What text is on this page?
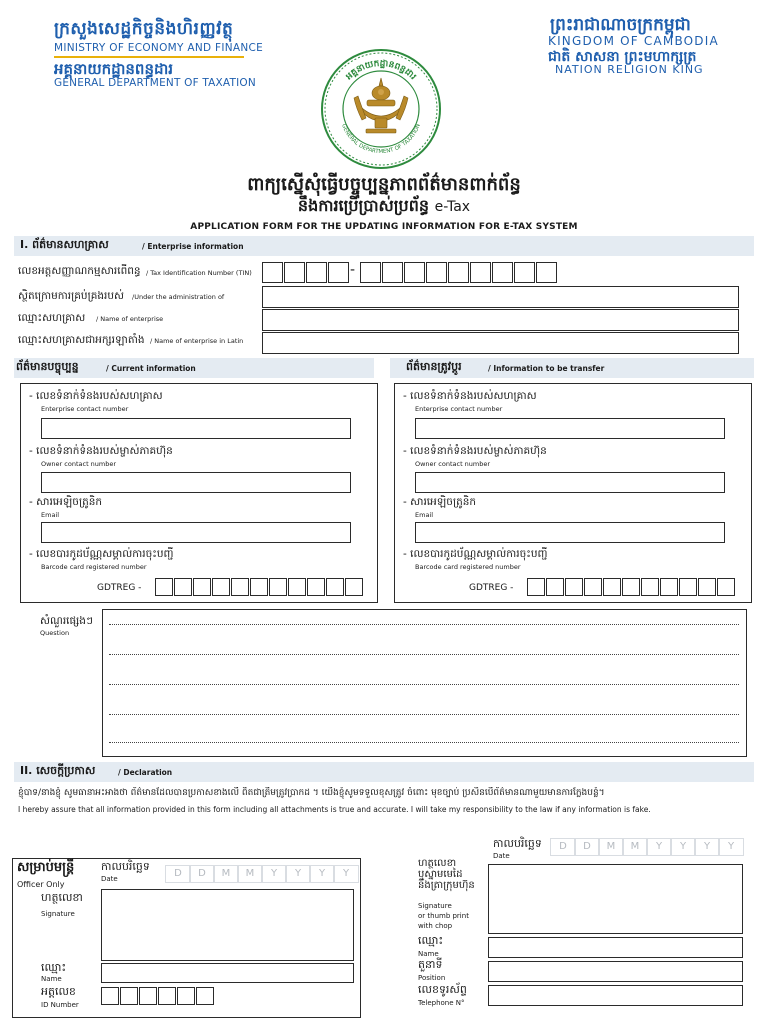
ក្រសួងសេដ្ឋកិច្ចនិងហិរញ្ញវត្ថុ
MINISTRY OF ECONOMY AND FINANCE
អគ្គនាយកដ្ឋានពន្ធដារ
GENERAL DEPARTMENT OF TAXATION
ព្រះរាជាណាចក្រកម្ពុជា
KINGDOM OF CAMBODIA
ជាតិ សាសនា ព្រះមហាក្សត្រ
NATION RELIGION KING
អគ្គនាយកដ្ឋានពន្ធដារ
GENERAL DEPARTMENT OF TAXATION
ពាក្យស្នើសុំធ្វើបច្ចុប្បន្នភាពព័ត៌មានពាក់ព័ន្ធ
នឹងការប្រើប្រាស់ប្រព័ន្ធ e-Tax
APPLICATION FORM FOR THE UPDATING INFORMATION FOR E-TAX SYSTEM
I. ព័ត៌មានសហគ្រាស	/ Enterprise information
លេខអត្តសញ្ញាណកម្មសារពើពន្ធ / Tax Identification Number (TIN)	-
ស្ថិតក្រោមការគ្រប់គ្រងរបស់ /Under the administration of
ឈ្មោះសហគ្រាស / Name of enterprise
ឈ្មោះសហគ្រាសជាអក្សរឡាតាំង / Name of enterprise in Latin
ព័ត៌មានបច្ចុប្បន្ន	/ Current information	ព័ត៌មានត្រូវប្តូរ	/ Information to be transfer
- លេខទំនាក់ទំនងរបស់សហគ្រាស
Enterprise contact number
- លេខទំនាក់ទំនងរបស់ម្ចាស់ភាគហ៊ុន
Owner contact number
- សារអេឡិចត្រូនិក
Email
- លេខបារកូដប័ណ្ណសម្គាល់ការចុះបញ្ជី
Barcode card registered number
GDTREG -
- លេខទំនាក់ទំនងរបស់សហគ្រាស
Enterprise contact number
- លេខទំនាក់ទំនងរបស់ម្ចាស់ភាគហ៊ុន
Owner contact number
- សារអេឡិចត្រូនិក
Email
- លេខបារកូដប័ណ្ណសម្គាល់ការចុះបញ្ជី
Barcode card registered number
GDTREG -
សំណួរផ្សេងៗ
Question
II. សេចក្តីប្រកាស	/ Declaration
ខ្ញុំបាទ/នាងខ្ញុំ សូមធានាអះអាងថា ព័ត៌មានដែលបានប្រកាសខាងលើ ពិតជាត្រឹមត្រូវប្រាកដ ។ យើងខ្ញុំសូមទទួលខុសត្រូវ ចំពោះ មុខច្បាប់ ប្រសិនបើព័ត៌មានណាមួយមានការក្លែងបន្លំ។
I hereby assure that all information provided in this form including all attachments is true and accurate. I will take my responsibility to the law if any information is fake.
កាលបរិច្ឆេទ
Date
D	D	M	M	Y	Y	Y	Y
សម្រាប់មន្ត្រី
Officer Only
កាលបរិច្ឆេទ
Date	D	D	M	M	Y	Y	Y	Y
ហត្ថលេខា
Signature
ឈ្មោះ
Name
អត្តលេខ
ID Number
ហត្ថលេខា
ឬស្នាមមេដៃ
និងត្រាក្រុមហ៊ុន
Signature
or thumb print
with chop
ឈ្មោះ
Name
តួនាទី
Position
លេខទូរស័ព្ទ
Telephone N°
